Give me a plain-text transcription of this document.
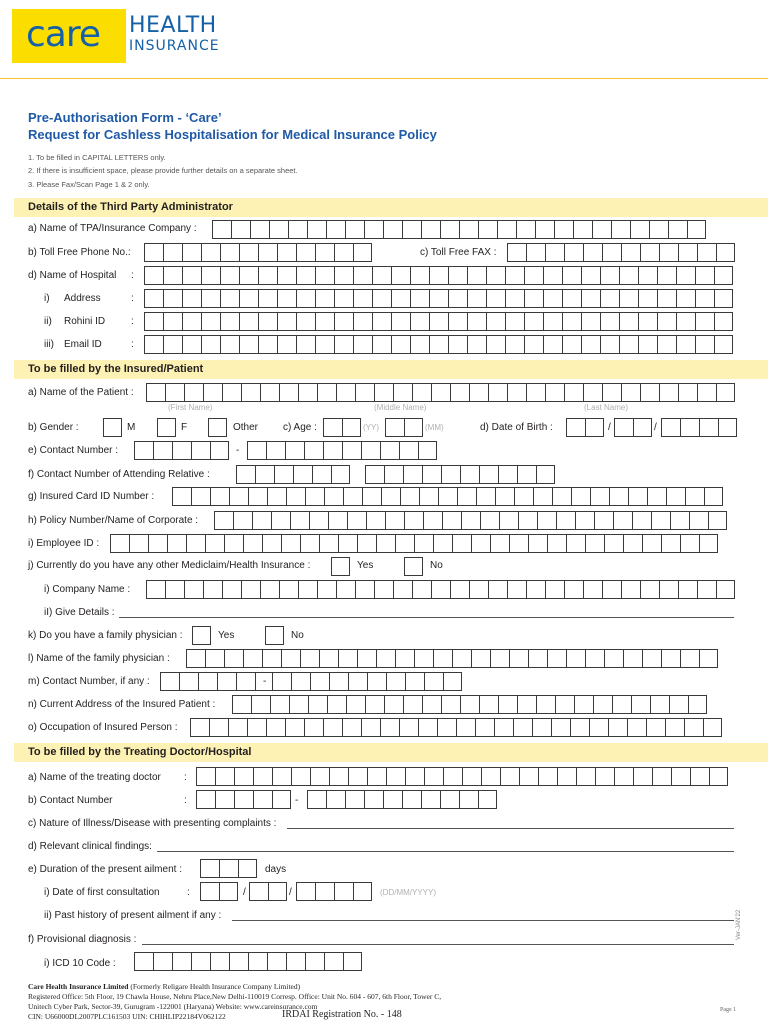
care HEALTH
INSURANCE
Pre-Authorisation Form - ‘Care’
Request for Cashless Hospitalisation for Medical Insurance Policy
1. To be filled in CAPITAL LETTERS only.
2. If there is insufficient space, please provide further details on a separate sheet.
3. Please Fax/Scan Page 1 & 2 only.
Details of the Third Party Administrator
a) Name of TPA/Insurance Company :
b) Toll Free Phone No.:	c) Toll Free FAX :
d) Name of Hospital :
i) Address	:
ii) Rohini ID	:
iii) Email ID	:
To be filled by the Insured/Patient
a) Name of the Patient :
(First Name)	(Middle Name)	(Last Name)
b) Gender :	M	F	Other c) Age :	(YY)	(MM)	d) Date of Birth :	/	/
e) Contact Number :	-
f) Contact Number of Attending Relative :
g) Insured Card ID Number :
h) Policy Number/Name of Corporate :
i) Employee ID :
j) Currently do you have any other Mediclaim/Health Insurance :	Yes	No
i) Company Name :
iI) Give Details :
k) Do you have a family physician :	Yes	No
l) Name of the family physician :
m) Contact Number, if any :	-
n) Current Address of the Insured Patient :
o) Occupation of Insured Person :
To be filled by the Treating Doctor/Hospital
a) Name of the treating doctor :
b) Contact Number	:	-
c) Nature of Illness/Disease with presenting complaints :
d) Relevant clinical findings:
e) Duration of the present ailment :	days
i) Date of first consultation	:	/	/	(DD/MM/YYYY)
ii) Past history of present ailment if any :
f) Provisional diagnosis :
i) ICD 10 Code :
Ver-JAN'22
Care Health Insurance Limited (Formerly Religare Health Insurance Company Limited)
Registered Office: 5th Floor, 19 Chawla House, Nehru Place,New Delhi-110019 Corresp. Office: Unit No. 604 - 607, 6th Floor, Tower C,
Unitech Cyber Park, Sector-39, Gurugram -122001 (Haryana) Website: www.careinsurance.com
CIN: U66000DL2007PLC161503 UIN: CHIHLIP22184V062122	IRDAI Registration No. - 148	Page 1
